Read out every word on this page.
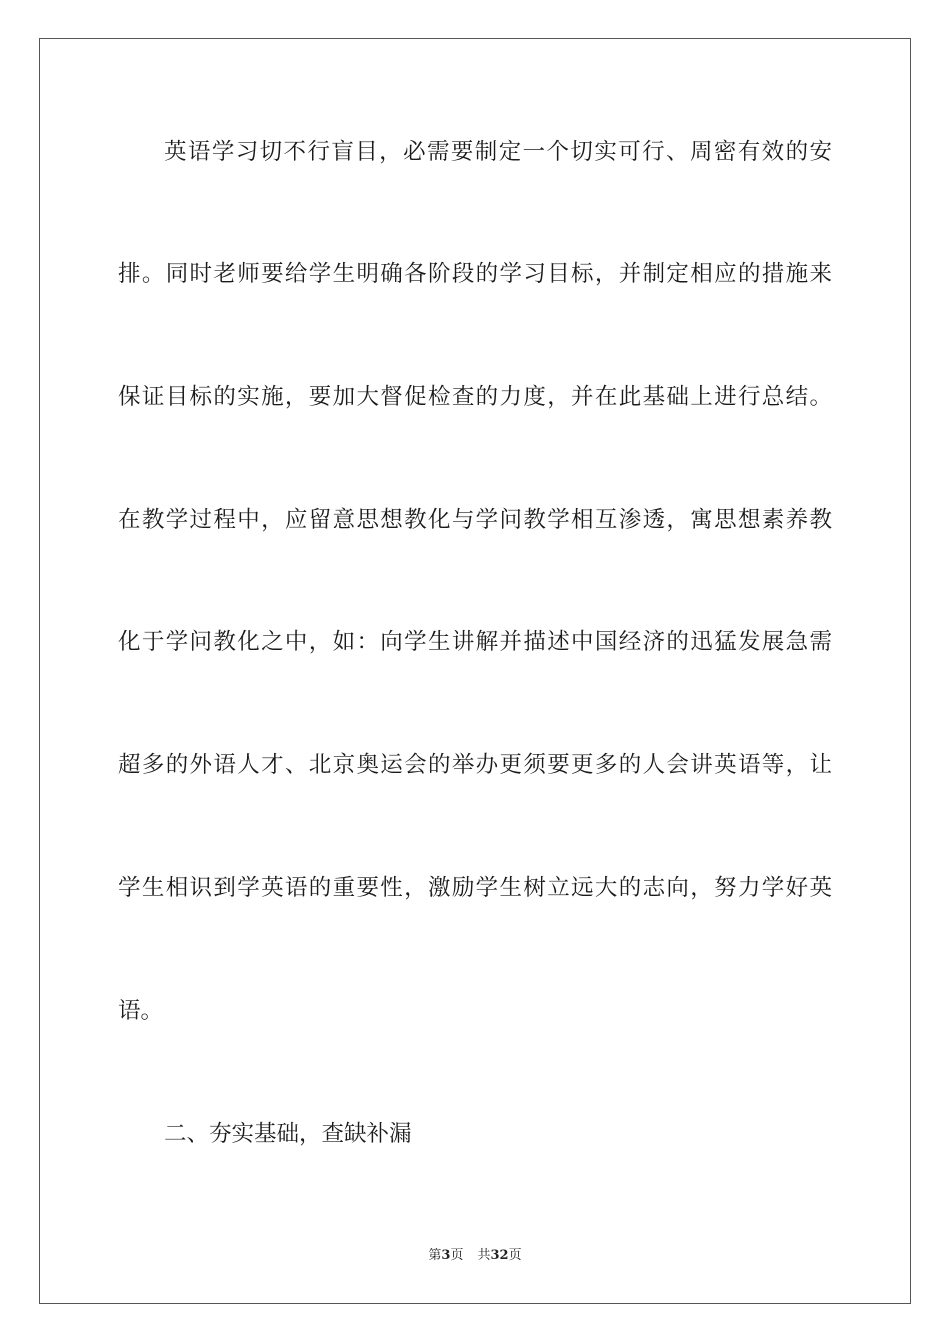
英语学习切不行盲目，必需要制定一个切实可行、周密有效的安
排。同时老师要给学生明确各阶段的学习目标，并制定相应的措施来
保证目标的实施，要加大督促检查的力度，并在此基础上进行总结。
在教学过程中，应留意思想教化与学问教学相互渗透，寓思想素养教
化于学问教化之中，如：向学生讲解并描述中国经济的迅猛发展急需
超多的外语人才、北京奥运会的举办更须要更多的人会讲英语等，让
学生相识到学英语的重要性，激励学生树立远大的志向，努力学好英
语。
二、夯实基础，查缺补漏
第3页 共32页
